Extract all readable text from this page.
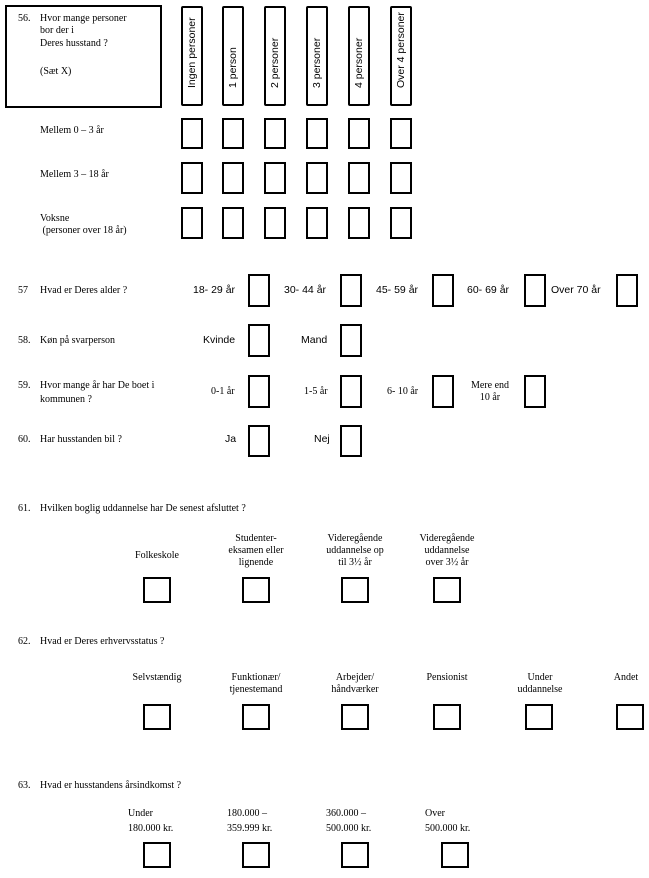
56. Hvor mange personer
bor der i
Deres husstand ?
(Sæt X)	Ingen personer	1 person	2 personer	3 personer	4 personer	Over 4 personer
Mellem 0 – 3 år
Mellem 3 – 18 år
Voksne
(personer over 18 år)
57 Hvad er Deres alder ?	18- 29 år	30- 44 år	45- 59 år	60- 69 år	Over 70 år
58. Køn på svarperson	Kvinde	Mand
59. Hvor mange år har De boet i
kommunen ?
0-1 år	1-5 år	6- 10 år
Mere end
10 år
60. Har husstanden bil ?	Ja	Nej
61. Hvilken boglig uddannelse har De senest afsluttet ?
Folkeskole
Studenter-
eksamen eller
lignende
Videregående
uddannelse op
til 3½ år
Videregående
uddannelse
over 3½ år
62. Hvad er Deres erhvervsstatus ?
Selvstændig	Funktionær/
tjenestemand
Arbejder/
håndværker
Pensionist	Under
uddannelse
Andet
63. Hvad er husstandens årsindkomst ?
Under
180.000 kr.
180.000 –
359.999 kr.
360.000 –
500.000 kr.
Over
500.000 kr.
